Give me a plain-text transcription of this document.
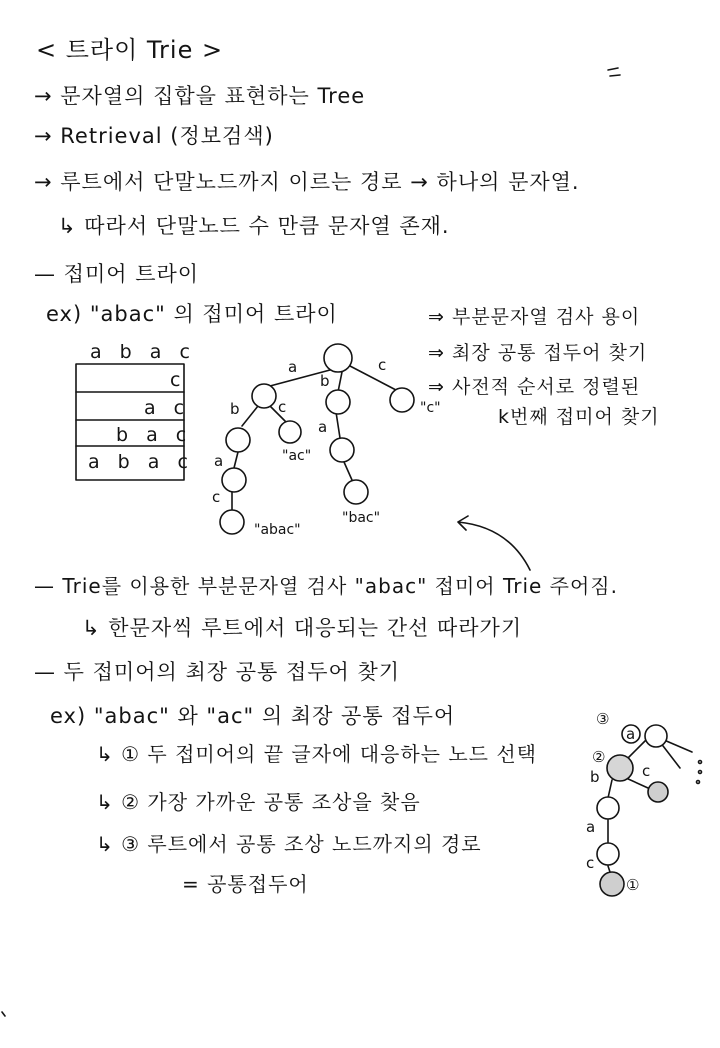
< 트라이 Trie >
→ 문자열의 집합을 표현하는 Tree
→ Retrieval (정보검색)
→ 루트에서 단말노드까지 이르는 경로 → 하나의 문자열.
↳ 따라서 단말노드 수 만큼 문자열 존재.
— 접미어 트라이
ex) "abac" 의 접미어 트라이	⇒ 부분문자열 검사 용이
⇒ 최장 공통 접두어 찾기
⇒ 사전적 순서로 정렬된
k번째 접미어 찾기
a b a c
c
a c
b a c
a b a c
a
b
c
b	c
a
a
c
"c"
"ac"
"bac"
"abac"
a
b	c
a
c
③
②
①
— Trie를 이용한 부분문자열 검사 "abac" 접미어 Trie 주어짐.
↳ 한문자씩 루트에서 대응되는 간선 따라가기
— 두 접미어의 최장 공통 접두어 찾기
ex) "abac" 와 "ac" 의 최장 공통 접두어
↳ ① 두 접미어의 끝 글자에 대응하는 노드 선택
↳ ② 가장 가까운 공통 조상을 찾음
↳ ③ 루트에서 공통 조상 노드까지의 경로
= 공통접두어
